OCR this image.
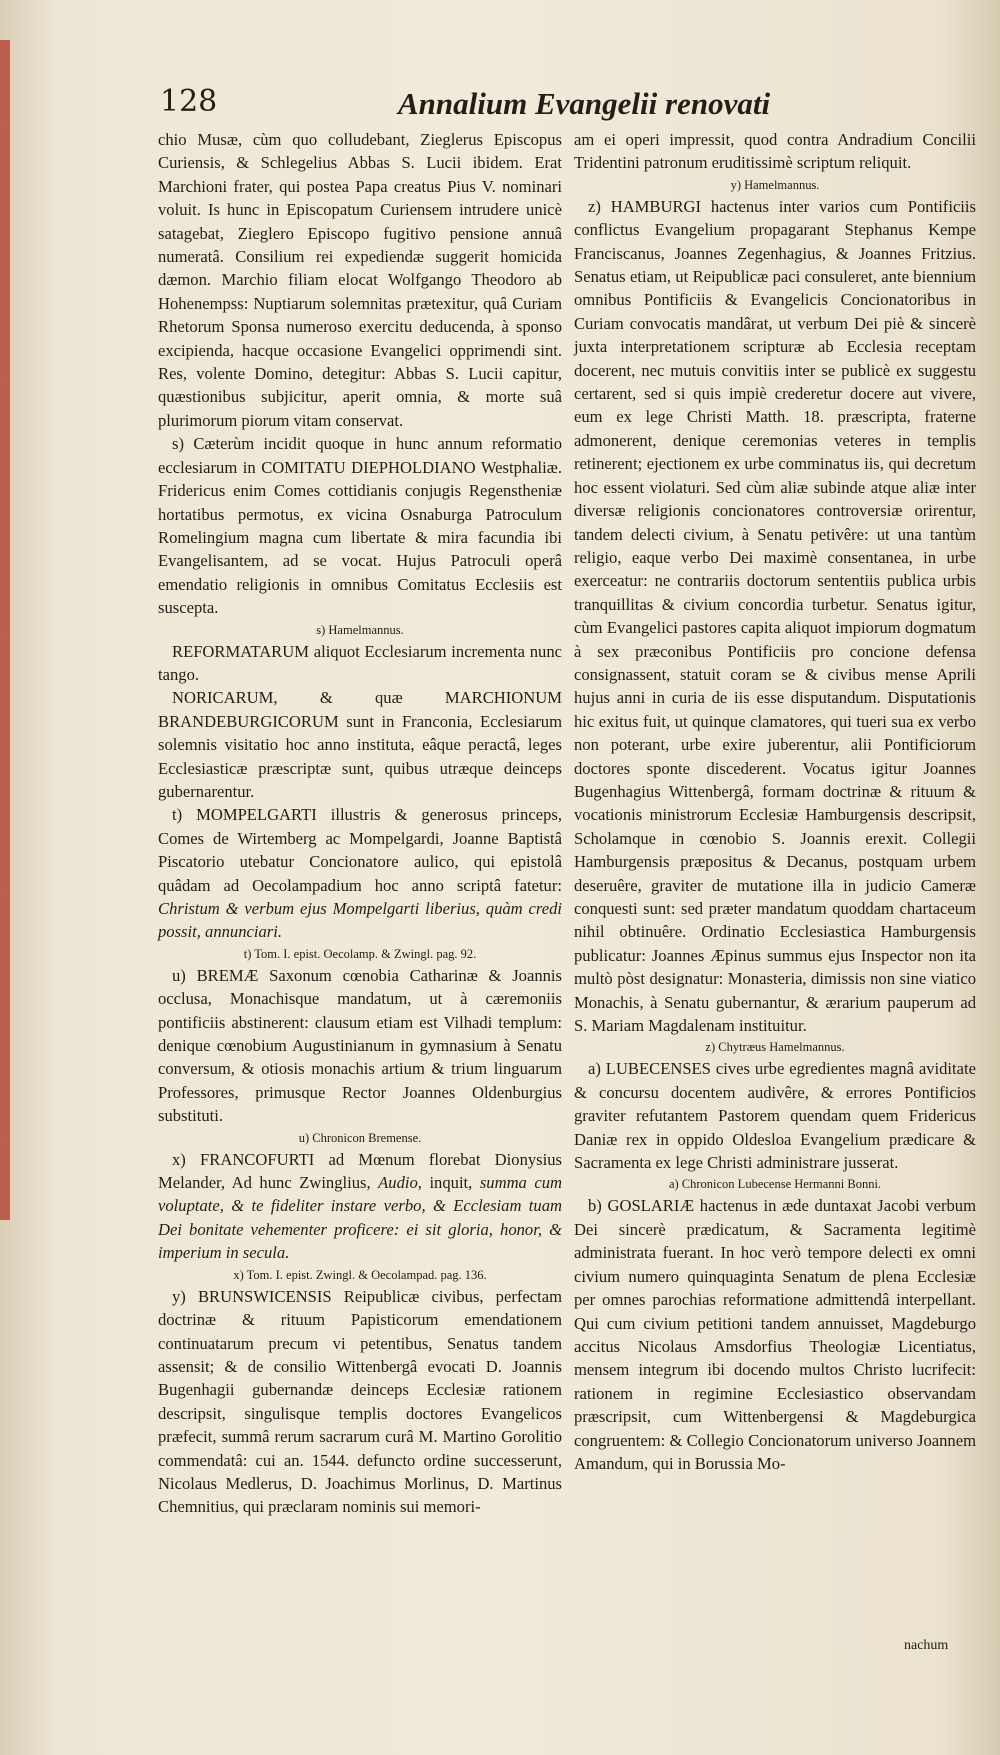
128	Annalium Evangelii renovati

chio Musæ, cùm quo colludebant, Zieglerus Episcopus Curiensis, & Schlegelius Abbas S. Lucii ibidem. Erat Marchioni frater, qui postea Papa creatus Pius V. nominari voluit. Is hunc in Episcopatum Curiensem intrudere unicè satagebat, Zieglero Episcopo fugitivo pensione annuâ numeratâ. Consilium rei expediendæ suggerit homicida dæmon. Marchio filiam elocat Wolfgango Theodoro ab Hohenempss: Nuptiarum solemnitas prætexitur, quâ Curiam Rhetorum Sponsa numeroso exercitu deducenda, à sponso excipienda, hacque occasione Evangelici opprimendi sint. Res, volente Domino, detegitur: Abbas S. Lucii capitur, quæstionibus subjicitur, aperit omnia, & morte suâ plurimorum piorum vitam conservat.

s) Cæterùm incidit quoque in hunc annum reformatio ecclesiarum in COMITATU DIEPHOLDIANO Westphaliæ. Fridericus enim Comes cottidianis conjugis Regenstheniæ hortatibus permotus, ex vicina Osnaburga Patroculum Romelingium magna cum libertate & mira facundia ibi Evangelisantem, ad se vocat. Hujus Patroculi operâ emendatio religionis in omnibus Comitatus Ecclesiis est suscepta.

s) Hamelmannus.

REFORMATARUM aliquot Ecclesiarum incrementa nunc tango.

NORICARUM, & quæ MARCHIONUM BRANDEBURGICORUM sunt in Franconia, Ecclesiarum solemnis visitatio hoc anno instituta, eâque peractâ, leges Ecclesiasticæ præscriptæ sunt, quibus utræque deinceps gubernarentur.

t) MOMPELGARTI illustris & generosus princeps, Comes de Wirtemberg ac Mompelgardi, Joanne Baptistâ Piscatorio utebatur Concionatore aulico, qui epistolâ quâdam ad Oecolampadium hoc anno scriptâ fatetur: Christum & verbum ejus Mompelgarti liberius, quàm credi possit, annunciari.

t) Tom. I. epist. Oecolamp. & Zwingl. pag. 92.

u) BREMÆ Saxonum cœnobia Catharinæ & Joannis occlusa, Monachisque mandatum, ut à cæremoniis pontificiis abstinerent: clausum etiam est Vilhadi templum: denique cœnobium Augustinianum in gymnasium à Senatu conversum, & otiosis monachis artium & trium linguarum Professores, primusque Rector Joannes Oldenburgius substituti.

u) Chronicon Bremense.

x) FRANCOFURTI ad Mœnum florebat Dionysius Melander, Ad hunc Zwinglius, Audio, inquit, summa cum voluptate, & te fideliter instare verbo, & Ecclesiam tuam Dei bonitate vehementer proficere: ei sit gloria, honor, & imperium in secula.

x) Tom. I. epist. Zwingl. & Oecolampad. pag. 136.

y) BRUNSWICENSIS Reipublicæ civibus, perfectam doctrinæ & rituum Papisticorum emendationem continuatarum precum vi petentibus, Senatus tandem assensit; & de consilio Wittenbergâ evocati D. Joannis Bugenhagii gubernandæ deinceps Ecclesiæ rationem descripsit, singulisque templis doctores Evangelicos præfecit, summâ rerum sacrarum curâ M. Martino Gorolitio commendatâ: cui an. 1544. defuncto ordine successerunt, Nicolaus Medlerus, D. Joachimus Morlinus, D. Martinus Chemnitius, qui præclaram nominis sui memori-

am ei operi impressit, quod contra Andradium Concilii Tridentini patronum eruditissimè scriptum reliquit.

y) Hamelmannus.

z) HAMBURGI hactenus inter varios cum Pontificiis conflictus Evangelium propagarant Stephanus Kempe Franciscanus, Joannes Zegenhagius, & Joannes Fritzius. Senatus etiam, ut Reipublicæ paci consuleret, ante biennium omnibus Pontificiis & Evangelicis Concionatoribus in Curiam convocatis mandârat, ut verbum Dei piè & sincerè juxta interpretationem scripturæ ab Ecclesia receptam docerent, nec mutuis convitiis inter se publicè ex suggestu certarent, sed si quis impiè crederetur docere aut vivere, eum ex lege Christi Matth. 18. præscripta, fraterne admonerent, denique ceremonias veteres in templis retinerent; ejectionem ex urbe comminatus iis, qui decretum hoc essent violaturi. Sed cùm aliæ subinde atque aliæ inter diversæ religionis concionatores controversiæ orirentur, tandem delecti civium, à Senatu petivêre: ut una tantùm religio, eaque verbo Dei maximè consentanea, in urbe exerceatur: ne contrariis doctorum sententiis publica urbis tranquillitas & civium concordia turbetur. Senatus igitur, cùm Evangelici pastores capita aliquot impiorum dogmatum à sex præconibus Pontificiis pro concione defensa consignassent, statuit coram se & civibus mense Aprili hujus anni in curia de iis esse disputandum. Disputationis hic exitus fuit, ut quinque clamatores, qui tueri sua ex verbo non poterant, urbe exire juberentur, alii Pontificiorum doctores sponte discederent. Vocatus igitur Joannes Bugenhagius Wittenbergâ, formam doctrinæ & rituum & vocationis ministrorum Ecclesiæ Hamburgensis descripsit, Scholamque in cœnobio S. Joannis erexit. Collegii Hamburgensis præpositus & Decanus, postquam urbem deseruêre, graviter de mutatione illa in judicio Cameræ conquesti sunt: sed præter mandatum quoddam chartaceum nihil obtinuêre. Ordinatio Ecclesiastica Hamburgensis publicatur: Joannes Æpinus summus ejus Inspector non ita multò pòst designatur: Monasteria, dimissis non sine viatico Monachis, à Senatu gubernantur, & ærarium pauperum ad S. Mariam Magdalenam instituitur.

z) Chytræus Hamelmannus.

a) LUBECENSES cives urbe egredientes magnâ aviditate & concursu docentem audivêre, & errores Pontificios graviter refutantem Pastorem quendam quem Fridericus Daniæ rex in oppido Oldesloa Evangelium prædicare & Sacramenta ex lege Christi administrare jusserat.

a) Chronicon Lubecense Hermanni Bonni.

b) GOSLARIÆ hactenus in æde duntaxat Jacobi verbum Dei sincerè prædicatum, & Sacramenta legitimè administrata fuerant. In hoc verò tempore delecti ex omni civium numero quinquaginta Senatum de plena Ecclesiæ per omnes parochias reformatione admittendâ interpellant. Qui cum civium petitioni tandem annuisset, Magdeburgo accitus Nicolaus Amsdorfius Theologiæ Licentiatus, mensem integrum ibi docendo multos Christo lucrifecit: rationem in regimine Ecclesiastico observandam præscripsit, cum Wittenbergensi & Magdeburgica congruentem: & Collegio Concionatorum universo Joannem Amandum, qui in Borussia Mo-

nachum
